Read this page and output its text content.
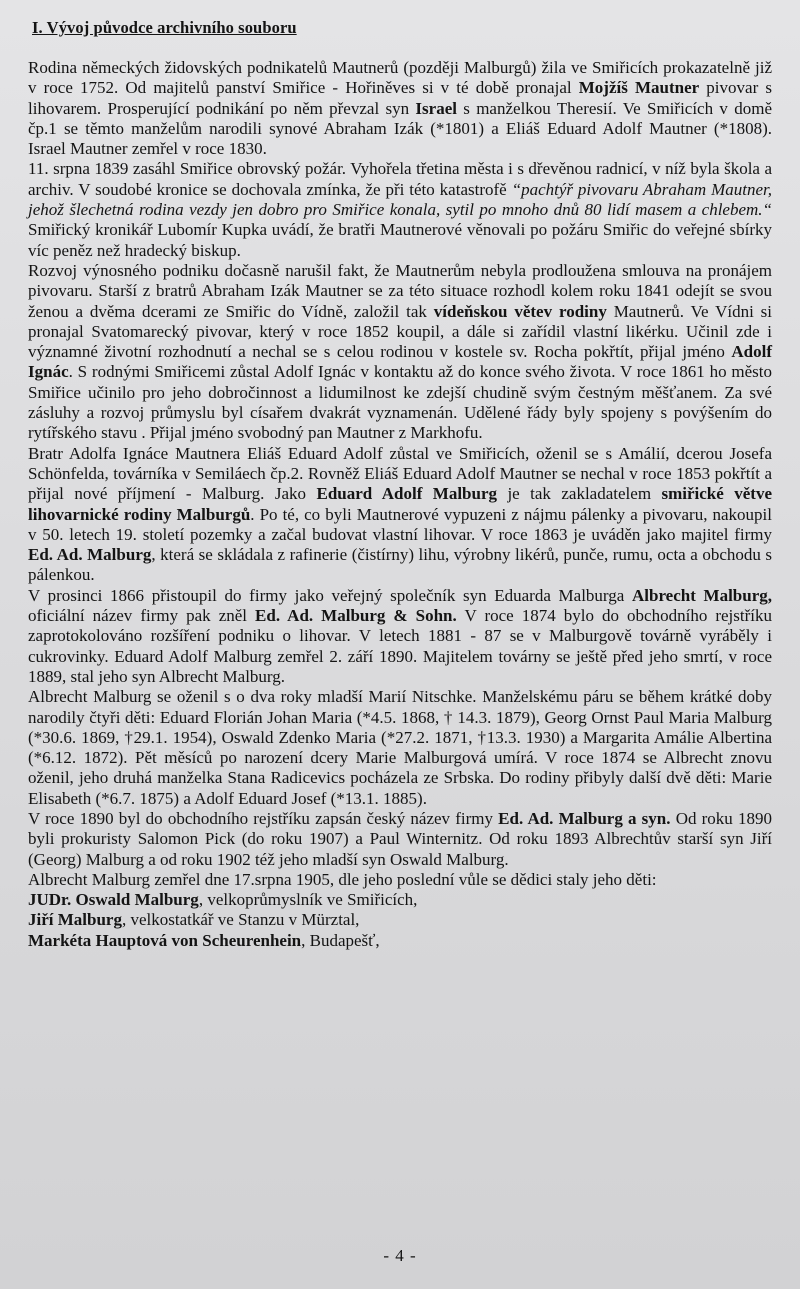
I. Vývoj původce archivního souboru

Rodina německých židovských podnikatelů Mautnerů (později Malburgů) žila ve Smiřicích prokazatelně již v roce 1752. Od majitelů panství Smiřice - Hořiněves si v té době pronajal Mojžíš Mautner pivovar s lihovarem. Prosperující podnikání po něm převzal syn Israel s manželkou Theresií. Ve Smiřicích v domě čp.1 se těmto manželům narodili synové Abraham Izák (*1801) a Eliáš Eduard Adolf Mautner (*1808). Israel Mautner zemřel v roce 1830.

11. srpna 1839 zasáhl Smiřice obrovský požár. Vyhořela třetina města i s dřevěnou radnicí, v níž byla škola a archiv. V soudobé kronice se dochovala zmínka, že při této katastrofě “pachtýř pivovaru Abraham Mautner, jehož šlechetná rodina vezdy jen dobro pro Smiřice konala, sytil po mnoho dnů 80 lidí masem a chlebem.“ Smiřický kronikář Lubomír Kupka uvádí, že bratři Mautnerové věnovali po požáru Smiřic do veřejné sbírky víc peněz než hradecký biskup.

Rozvoj výnosného podniku dočasně narušil fakt, že Mautnerům nebyla prodloužena smlouva na pronájem pivovaru. Starší z bratrů Abraham Izák Mautner se za této situace rozhodl kolem roku 1841 odejít se svou ženou a dvěma dcerami ze Smiřic do Vídně, založil tak vídeňskou větev rodiny Mautnerů. Ve Vídni si pronajal Svatomarecký pivovar, který v roce 1852 koupil, a dále si zařídil vlastní likérku. Učinil zde i významné životní rozhodnutí a nechal se s celou rodinou v kostele sv. Rocha pokřtít, přijal jméno Adolf Ignác. S rodnými Smiřicemi zůstal Adolf Ignác v kontaktu až do konce svého života. V roce 1861 ho město Smiřice učinilo pro jeho dobročinnost a lidumilnost ke zdejší chudině svým čestným měšťanem. Za své zásluhy a rozvoj průmyslu byl císařem dvakrát vyznamenán. Udělené řády byly spojeny s povýšením do rytířského stavu . Přijal jméno svobodný pan Mautner z Markhofu.

Bratr Adolfa Ignáce Mautnera Eliáš Eduard Adolf zůstal ve Smiřicích, oženil se s Amálií, dcerou Josefa Schönfelda, továrníka v Semiláech čp.2. Rovněž Eliáš Eduard Adolf Mautner se nechal v roce 1853 pokřtít a přijal nové příjmení - Malburg. Jako Eduard Adolf Malburg je tak zakladatelem smiřické větve lihovarnické rodiny Malburgů. Po té, co byli Mautnerové vypuzeni z nájmu pálenky a pivovaru, nakoupil v 50. letech 19. století pozemky a začal budovat vlastní lihovar. V roce 1863 je uváděn jako majitel firmy Ed. Ad. Malburg, která se skládala z rafinerie (čistírny) lihu, výrobny likérů, punče, rumu, octa a obchodu s pálenkou.

V prosinci 1866 přistoupil do firmy jako veřejný společník syn Eduarda Malburga Albrecht Malburg, oficiální název firmy pak zněl Ed. Ad. Malburg & Sohn. V roce 1874 bylo do obchodního rejstříku zaprotokolováno rozšíření podniku o lihovar. V letech 1881 - 87 se v Malburgově továrně vyráběly i cukrovinky. Eduard Adolf Malburg zemřel 2. září 1890. Majitelem továrny se ještě před jeho smrtí, v roce 1889, stal jeho syn Albrecht Malburg.

Albrecht Malburg se oženil s o dva roky mladší Marií Nitschke. Manželskému páru se během krátké doby narodily čtyři děti: Eduard Florián Johan Maria (*4.5. 1868, † 14.3. 1879), Georg Ornst Paul Maria Malburg (*30.6. 1869, †29.1. 1954), Oswald Zdenko Maria (*27.2. 1871, †13.3. 1930) a Margarita Amálie Albertina (*6.12. 1872). Pět měsíců po narození dcery Marie Malburgová umírá. V roce 1874 se Albrecht znovu oženil, jeho druhá manželka Stana Radicevics pocházela ze Srbska. Do rodiny přibyly další dvě děti: Marie Elisabeth (*6.7. 1875) a Adolf Eduard Josef (*13.1. 1885).

V roce 1890 byl do obchodního rejstříku zapsán český název firmy Ed. Ad. Malburg a syn. Od roku 1890 byli prokuristy Salomon Pick (do roku 1907) a Paul Winternitz. Od roku 1893 Albrechtův starší syn Jiří (Georg) Malburg a od roku 1902 též jeho mladší syn Oswald Malburg.

Albrecht Malburg zemřel dne 17.srpna 1905, dle jeho poslední vůle se dědici staly jeho děti:

JUDr. Oswald Malburg, velkoprůmyslník ve Smiřicích,
Jiří Malburg, velkostatkář ve Stanzu v Mürztal,
Markéta Hauptová von Scheurenhein, Budapešť,
- 4 -
